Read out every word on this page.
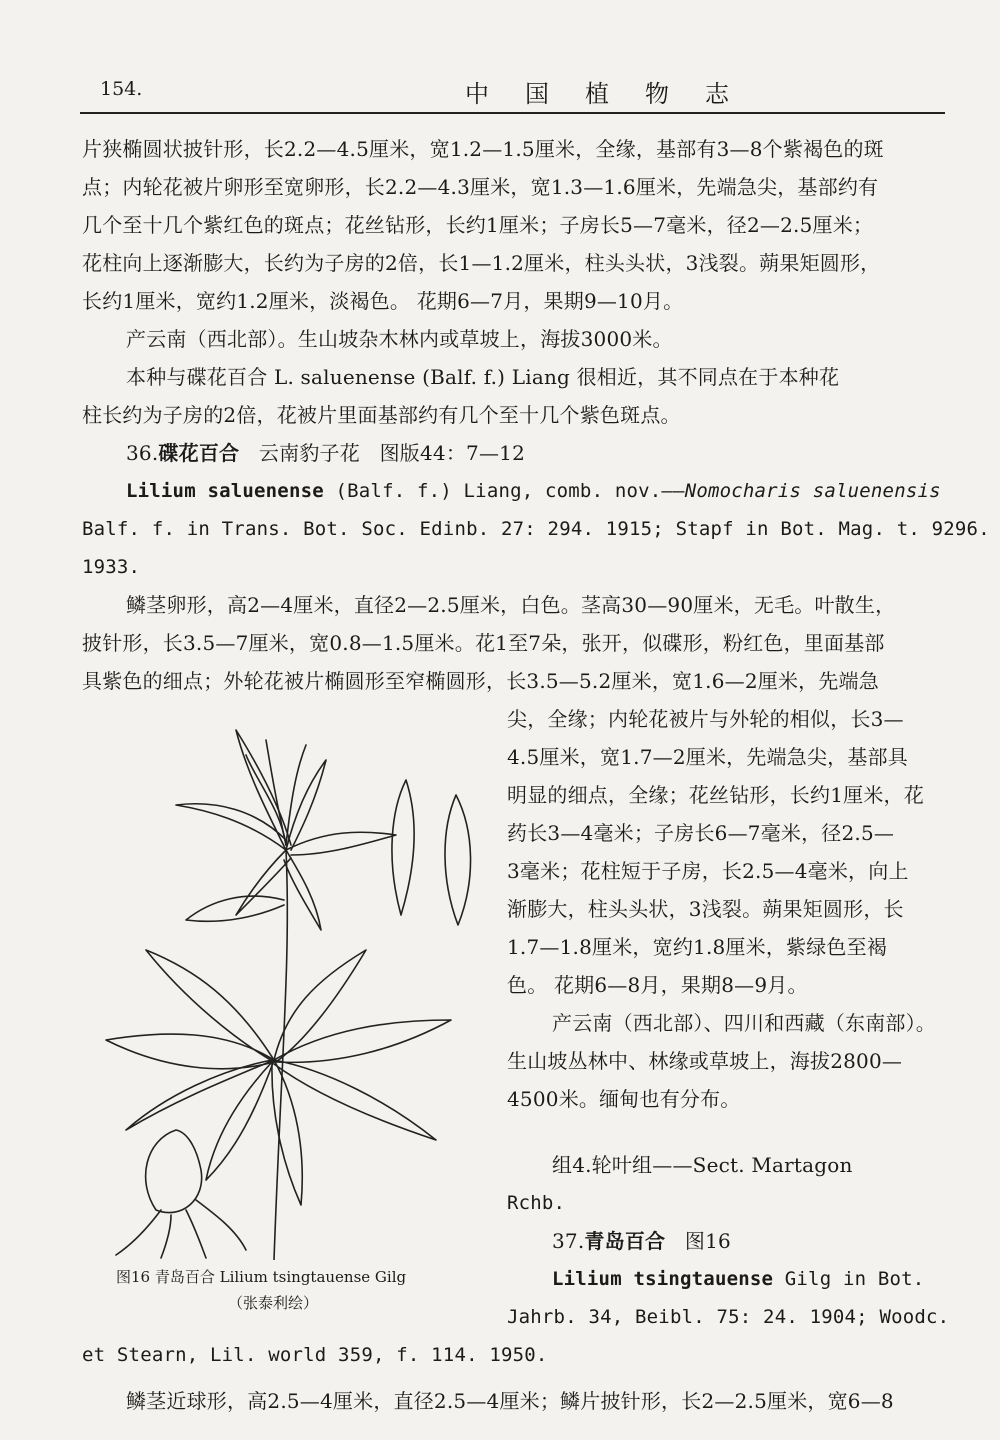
154.	中国植物志
片狭椭圆状披针形，长2.2—4.5厘米，宽1.2—1.5厘米，全缘，基部有3—8个紫褐色的斑
点；内轮花被片卵形至宽卵形，长2.2—4.3厘米，宽1.3—1.6厘米，先端急尖，基部约有
几个至十几个紫红色的斑点；花丝钻形，长约1厘米；子房长5—7毫米，径2—2.5厘米；
花柱向上逐渐膨大，长约为子房的2倍，长1—1.2厘米，柱头头状，3浅裂。蒴果矩圆形，
长约1厘米，宽约1.2厘米，淡褐色。 花期6—7月，果期9—10月。
产云南（西北部）。生山坡杂木林内或草坡上，海拔3000米。
本种与碟花百合 L. saluenense (Balf. f.) Liang 很相近，其不同点在于本种花
柱长约为子房的2倍，花被片里面基部约有几个至十几个紫色斑点。
36.碟花百合 云南豹子花 图版44：7—12
Lilium saluenense (Balf. f.) Liang, comb. nov.——Nomocharis saluenensis
Balf. f. in Trans. Bot. Soc. Edinb. 27: 294. 1915; Stapf in Bot. Mag. t. 9296.
1933.
鳞茎卵形，高2—4厘米，直径2—2.5厘米，白色。茎高30—90厘米，无毛。叶散生，
披针形，长3.5—7厘米，宽0.8—1.5厘米。花1至7朵，张开，似碟形，粉红色，里面基部
具紫色的细点；外轮花被片椭圆形至窄椭圆形，长3.5—5.2厘米，宽1.6—2厘米，先端急
尖，全缘；内轮花被片与外轮的相似，长3—
4.5厘米，宽1.7—2厘米，先端急尖，基部具
明显的细点，全缘；花丝钻形，长约1厘米，花
药长3—4毫米；子房长6—7毫米，径2.5—
3毫米；花柱短于子房，长2.5—4毫米，向上
渐膨大，柱头头状，3浅裂。蒴果矩圆形，长
1.7—1.8厘米，宽约1.8厘米，紫绿色至褐
色。 花期6—8月，果期8—9月。
产云南（西北部）、四川和西藏（东南部）。
生山坡丛林中、林缘或草坡上，海拔2800—
4500米。缅甸也有分布。
组4.轮叶组——Sect. Martagon
Rchb.
37.青岛百合 图16
Lilium tsingtauense Gilg in Bot.
Jahrb. 34, Beibl. 75: 24. 1904; Woodc.
et Stearn, Lil. world 359, f. 114. 1950.
鳞茎近球形，高2.5—4厘米，直径2.5—4厘米；鳞片披针形，长2—2.5厘米，宽6—8
图16 青岛百合 Lilium tsingtauense Gilg
（张泰利绘）
